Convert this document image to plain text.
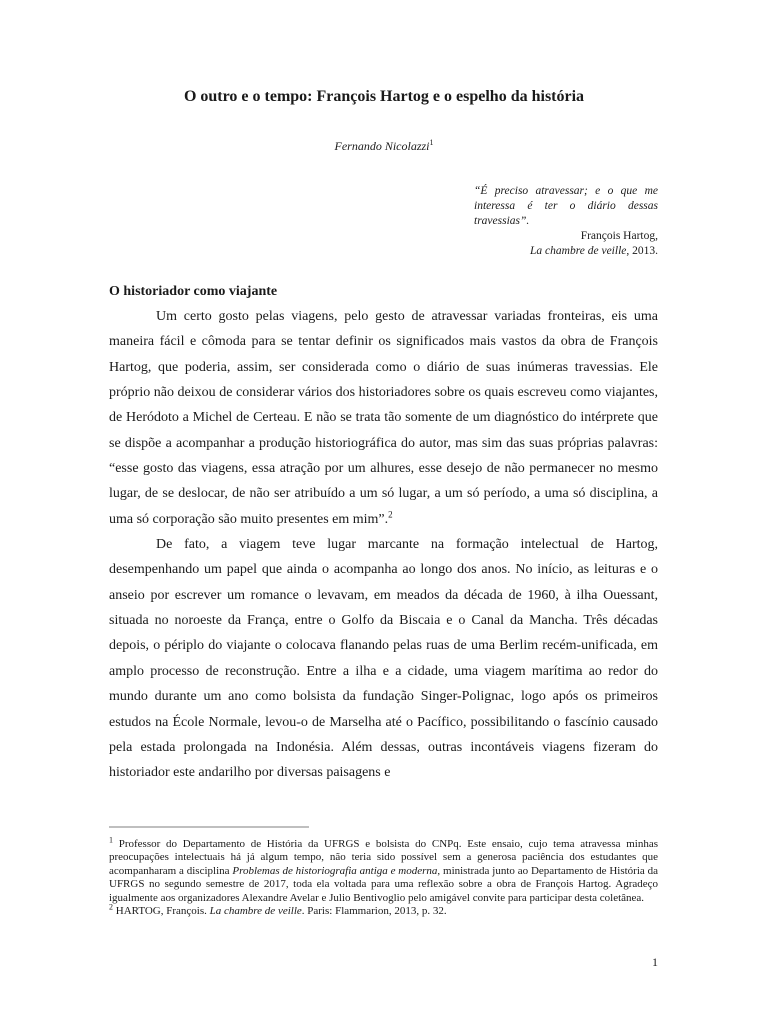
O outro e o tempo: François Hartog e o espelho da história
Fernando Nicolazzi$^1$
“É preciso atravessar; e o que me interessa é ter o diário dessas travessias”.
François Hartog,
La chambre de veille, 2013.
O historiador como viajante

Um certo gosto pelas viagens, pelo gesto de atravessar variadas fronteiras, eis uma maneira fácil e cômoda para se tentar definir os significados mais vastos da obra de François Hartog, que poderia, assim, ser considerada como o diário de suas inúmeras travessias. Ele próprio não deixou de considerar vários dos historiadores sobre os quais escreveu como viajantes, de Heródoto a Michel de Certeau. E não se trata tão somente de um diagnóstico do intérprete que se dispõe a acompanhar a produção historiográfica do autor, mas sim das suas próprias palavras: “esse gosto das viagens, essa atração por um alhures, esse desejo de não permanecer no mesmo lugar, de se deslocar, de não ser atribuído a um só lugar, a um só período, a uma só disciplina, a uma só corporação são muito presentes em mim”.$^2$

De fato, a viagem teve lugar marcante na formação intelectual de Hartog, desempenhando um papel que ainda o acompanha ao longo dos anos. No início, as leituras e o anseio por escrever um romance o levavam, em meados da década de 1960, à ilha Ouessant, situada no noroeste da França, entre o Golfo da Biscaia e o Canal da Mancha. Três décadas depois, o périplo do viajante o colocava flanando pelas ruas de uma Berlim recém-unificada, em amplo processo de reconstrução. Entre a ilha e a cidade, uma viagem marítima ao redor do mundo durante um ano como bolsista da fundação Singer-Polignac, logo após os primeiros estudos na École Normale, levou-o de Marselha até o Pacífico, possibilitando o fascínio causado pela estada prolongada na Indonésia. Além dessas, outras incontáveis viagens fizeram do historiador este andarilho por diversas paisagens e

$^1$ Professor do Departamento de História da UFRGS e bolsista do CNPq. Este ensaio, cujo tema atravessa minhas preocupações intelectuais há já algum tempo, não teria sido possível sem a generosa paciência dos estudantes que acompanharam a disciplina Problemas de historiografia antiga e moderna, ministrada junto ao Departamento de História da UFRGS no segundo semestre de 2017, toda ela voltada para uma reflexão sobre a obra de François Hartog. Agradeço igualmente aos organizadores Alexandre Avelar e Julio Bentivoglio pelo amigável convite para participar desta coletânea.

$^2$ HARTOG, François. La chambre de veille. Paris: Flammarion, 2013, p. 32.

1
